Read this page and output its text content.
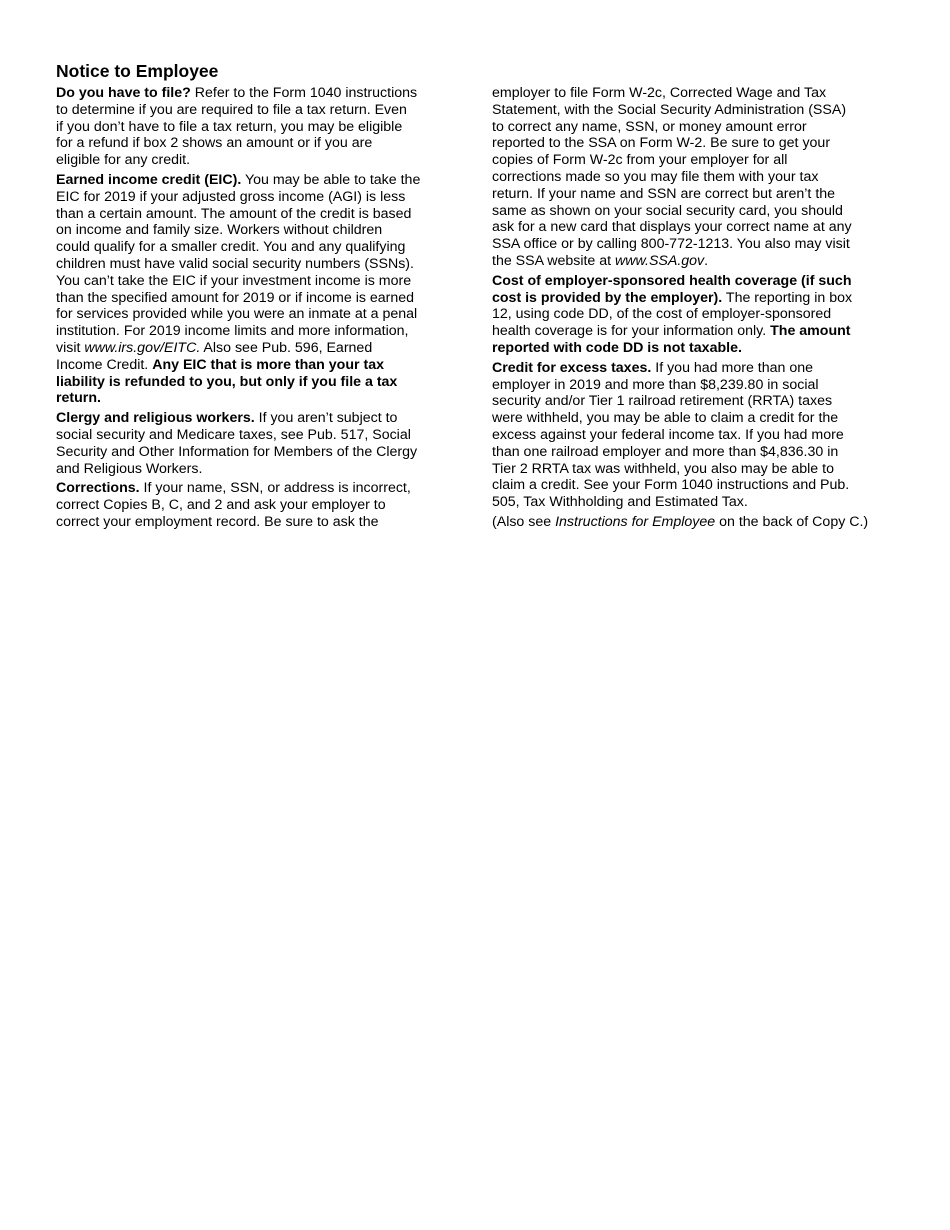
Notice to Employee

Do you have to file? Refer to the Form 1040 instructions
to determine if you are required to file a tax return. Even
if you don’t have to file a tax return, you may be eligible
for a refund if box 2 shows an amount or if you are
eligible for any credit.

Earned income credit (EIC). You may be able to take the
EIC for 2019 if your adjusted gross income (AGI) is less
than a certain amount. The amount of the credit is based
on income and family size. Workers without children
could qualify for a smaller credit. You and any qualifying
children must have valid social security numbers (SSNs).
You can’t take the EIC if your investment income is more
than the specified amount for 2019 or if income is earned
for services provided while you were an inmate at a penal
institution. For 2019 income limits and more information,
visit www.irs.gov/EITC. Also see Pub. 596, Earned
Income Credit. Any EIC that is more than your tax
liability is refunded to you, but only if you file a tax
return.

Clergy and religious workers. If you aren’t subject to
social security and Medicare taxes, see Pub. 517, Social
Security and Other Information for Members of the Clergy
and Religious Workers.

Corrections. If your name, SSN, or address is incorrect,
correct Copies B, C, and 2 and ask your employer to
correct your employment record. Be sure to ask the

employer to file Form W-2c, Corrected Wage and Tax
Statement, with the Social Security Administration (SSA)
to correct any name, SSN, or money amount error
reported to the SSA on Form W-2. Be sure to get your
copies of Form W-2c from your employer for all
corrections made so you may file them with your tax
return. If your name and SSN are correct but aren’t the
same as shown on your social security card, you should
ask for a new card that displays your correct name at any
SSA office or by calling 800-772-1213. You also may visit
the SSA website at www.SSA.gov.

Cost of employer-sponsored health coverage (if such
cost is provided by the employer). The reporting in box
12, using code DD, of the cost of employer-sponsored
health coverage is for your information only. The amount
reported with code DD is not taxable.

Credit for excess taxes. If you had more than one
employer in 2019 and more than $8,239.80 in social
security and/or Tier 1 railroad retirement (RRTA) taxes
were withheld, you may be able to claim a credit for the
excess against your federal income tax. If you had more
than one railroad employer and more than $4,836.30 in
Tier 2 RRTA tax was withheld, you also may be able to
claim a credit. See your Form 1040 instructions and Pub.
505, Tax Withholding and Estimated Tax.

(Also see Instructions for Employee on the back of Copy C.)
